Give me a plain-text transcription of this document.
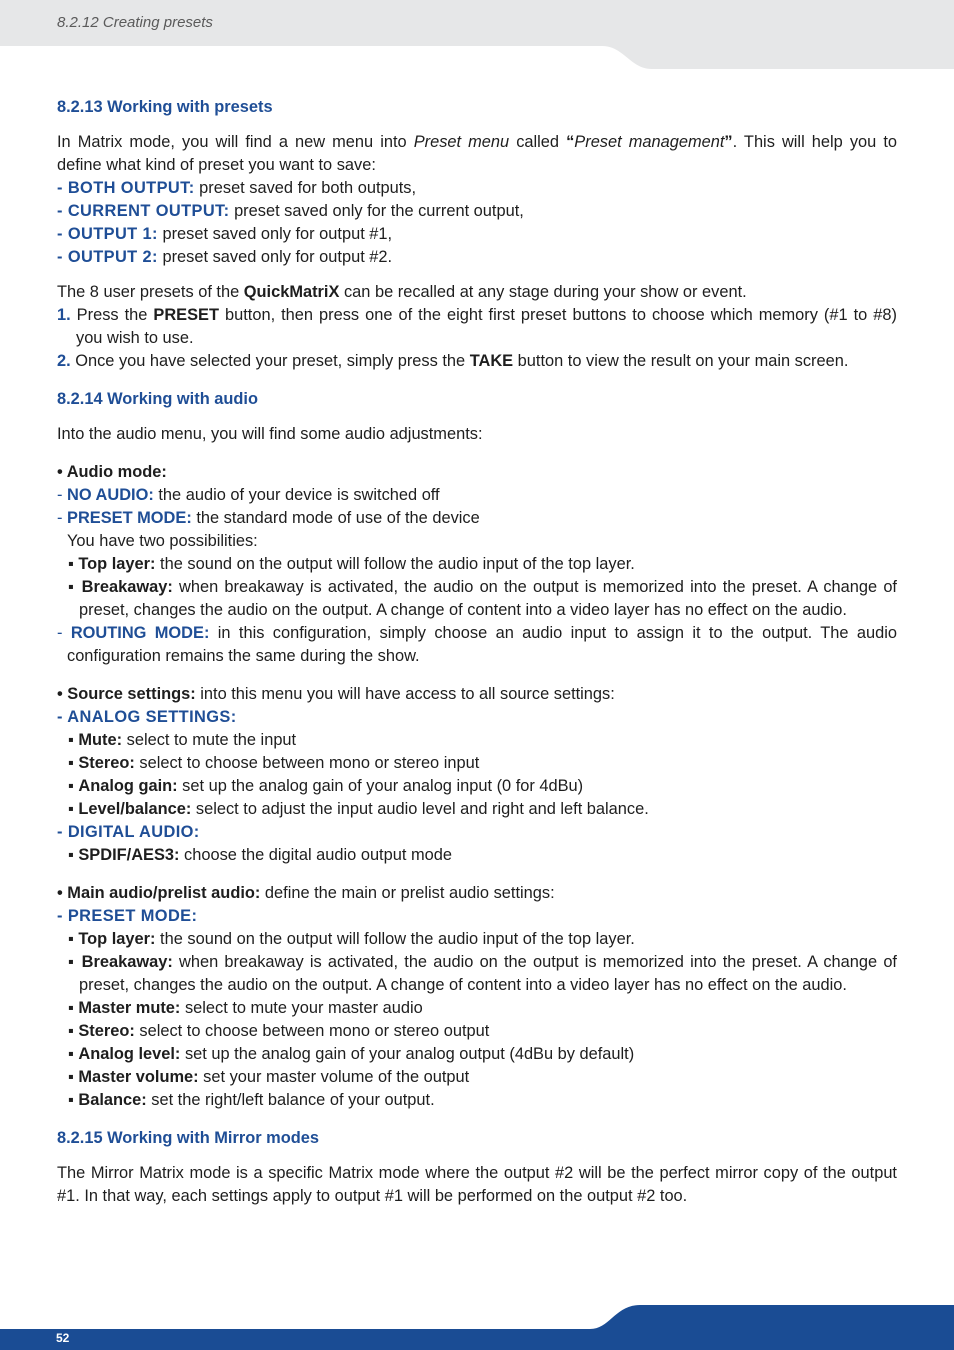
8.2.12 Creating presets
52
8.2.13 Working with presets

In Matrix mode, you will find a new menu into Preset menu called “Preset management”. This will help you to define what kind of preset you want to save:

- BOTH OUTPUT: preset saved for both outputs,

- CURRENT OUTPUT: preset saved only for the current output,

- OUTPUT 1: preset saved only for output #1,

- OUTPUT 2: preset saved only for output #2.

The 8 user presets of the QuickMatriX can be recalled at any stage during your show or event.

1. Press the PRESET button, then press one of the eight first preset buttons to choose which memory (#1 to #8) you wish to use.

2. Once you have selected your preset, simply press the TAKE button to view the result on your main screen.

8.2.14 Working with audio

Into the audio menu, you will find some audio adjustments:

• Audio mode:

- NO AUDIO: the audio of your device is switched off

- PRESET MODE: the standard mode of use of the device

You have two possibilities:

▪ Top layer: the sound on the output will follow the audio input of the top layer.

▪ Breakaway: when breakaway is activated, the audio on the output is memorized into the preset. A change of preset, changes the audio on the output. A change of content into a video layer has no effect on the audio.

- ROUTING MODE: in this configuration, simply choose an audio input to assign it to the output. The audio configuration remains the same during the show.

• Source settings: into this menu you will have access to all source settings:

- ANALOG SETTINGS:

▪ Mute: select to mute the input

▪ Stereo: select to choose between mono or stereo input

▪ Analog gain: set up the analog gain of your analog input (0 for 4dBu)

▪ Level/balance: select to adjust the input audio level and right and left balance.

- DIGITAL AUDIO:

▪ SPDIF/AES3: choose the digital audio output mode

• Main audio/prelist audio: define the main or prelist audio settings:

- PRESET MODE:

▪ Top layer: the sound on the output will follow the audio input of the top layer.

▪ Breakaway: when breakaway is activated, the audio on the output is memorized into the preset. A change of preset, changes the audio on the output. A change of content into a video layer has no effect on the audio.

▪ Master mute: select to mute your master audio

▪ Stereo: select to choose between mono or stereo output

▪ Analog level: set up the analog gain of your analog output (4dBu by default)

▪ Master volume: set your master volume of the output

▪ Balance: set the right/left balance of your output.

8.2.15 Working with Mirror modes

The Mirror Matrix mode is a specific Matrix mode where the output #2 will be the perfect mirror copy of the output #1. In that way, each settings apply to output #1 will be performed on the output #2 too.
